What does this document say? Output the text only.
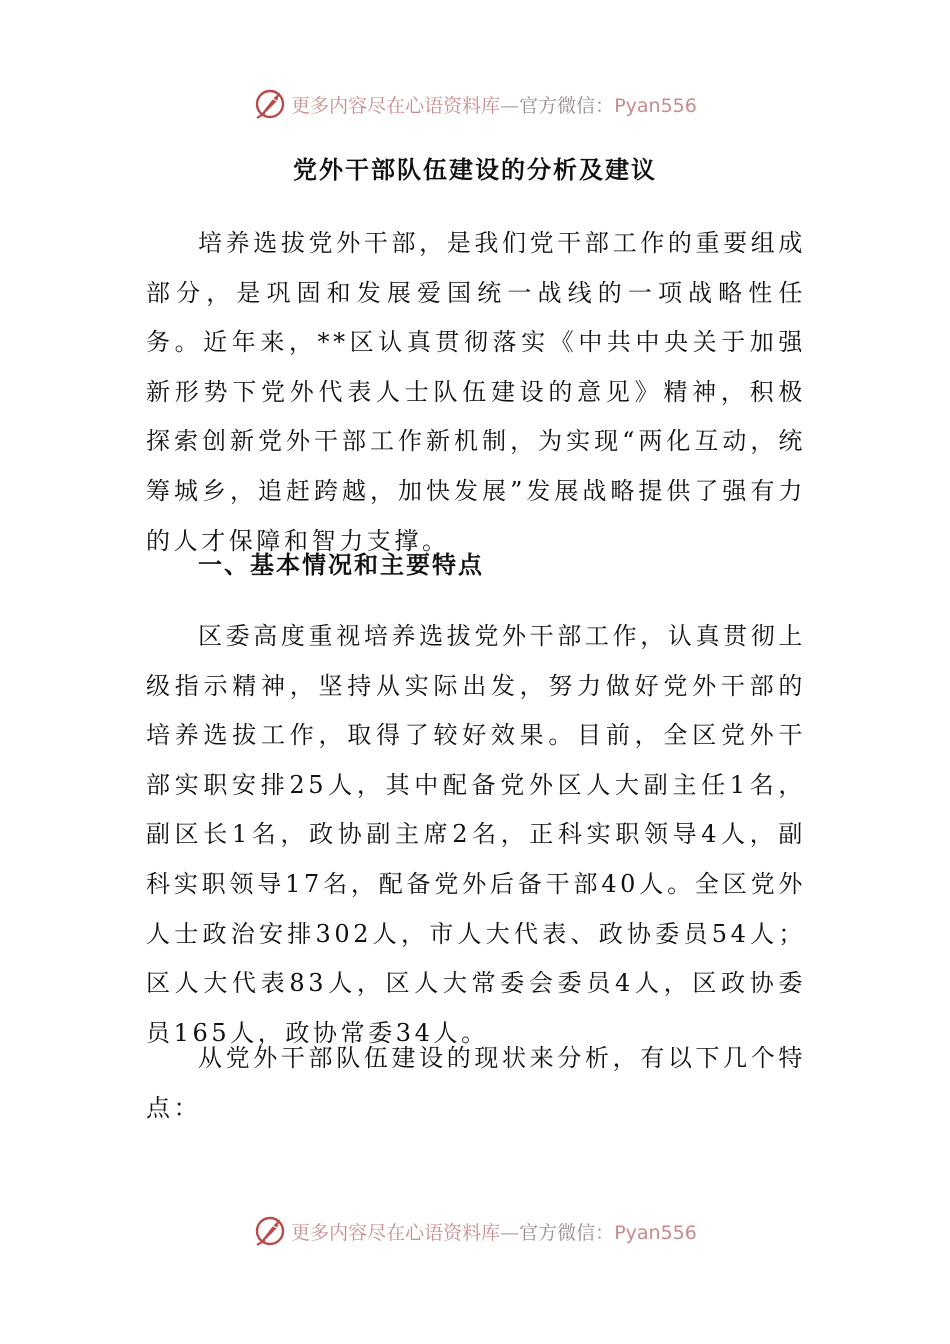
更多内容尽在心语资料库—官方微信：Pyan556
党外干部队伍建设的分析及建议

培养选拔党外干部，是我们党干部工作的重要组成部分，是巩固和发展爱国统一战线的一项战略性任务。近年来，**区认真贯彻落实《中共中央关于加强新形势下党外代表人士队伍建设的意见》精神，积极探索创新党外干部工作新机制，为实现“两化互动，统筹城乡，追赶跨越，加快发展”发展战略提供了强有力的人才保障和智力支撑。

一、基本情况和主要特点

区委高度重视培养选拔党外干部工作，认真贯彻上级指示精神，坚持从实际出发，努力做好党外干部的培养选拔工作，取得了较好效果。目前，全区党外干部实职安排25人，其中配备党外区人大副主任1名，副区长1名，政协副主席2名，正科实职领导4人，副科实职领导17名，配备党外后备干部40人。全区党外人士政治安排302人，市人大代表、政协委员54人；区人大代表83人，区人大常委会委员4人，区政协委员165人，政协常委34人。

从党外干部队伍建设的现状来分析，有以下几个特点：

更多内容尽在心语资料库—官方微信：Pyan556
